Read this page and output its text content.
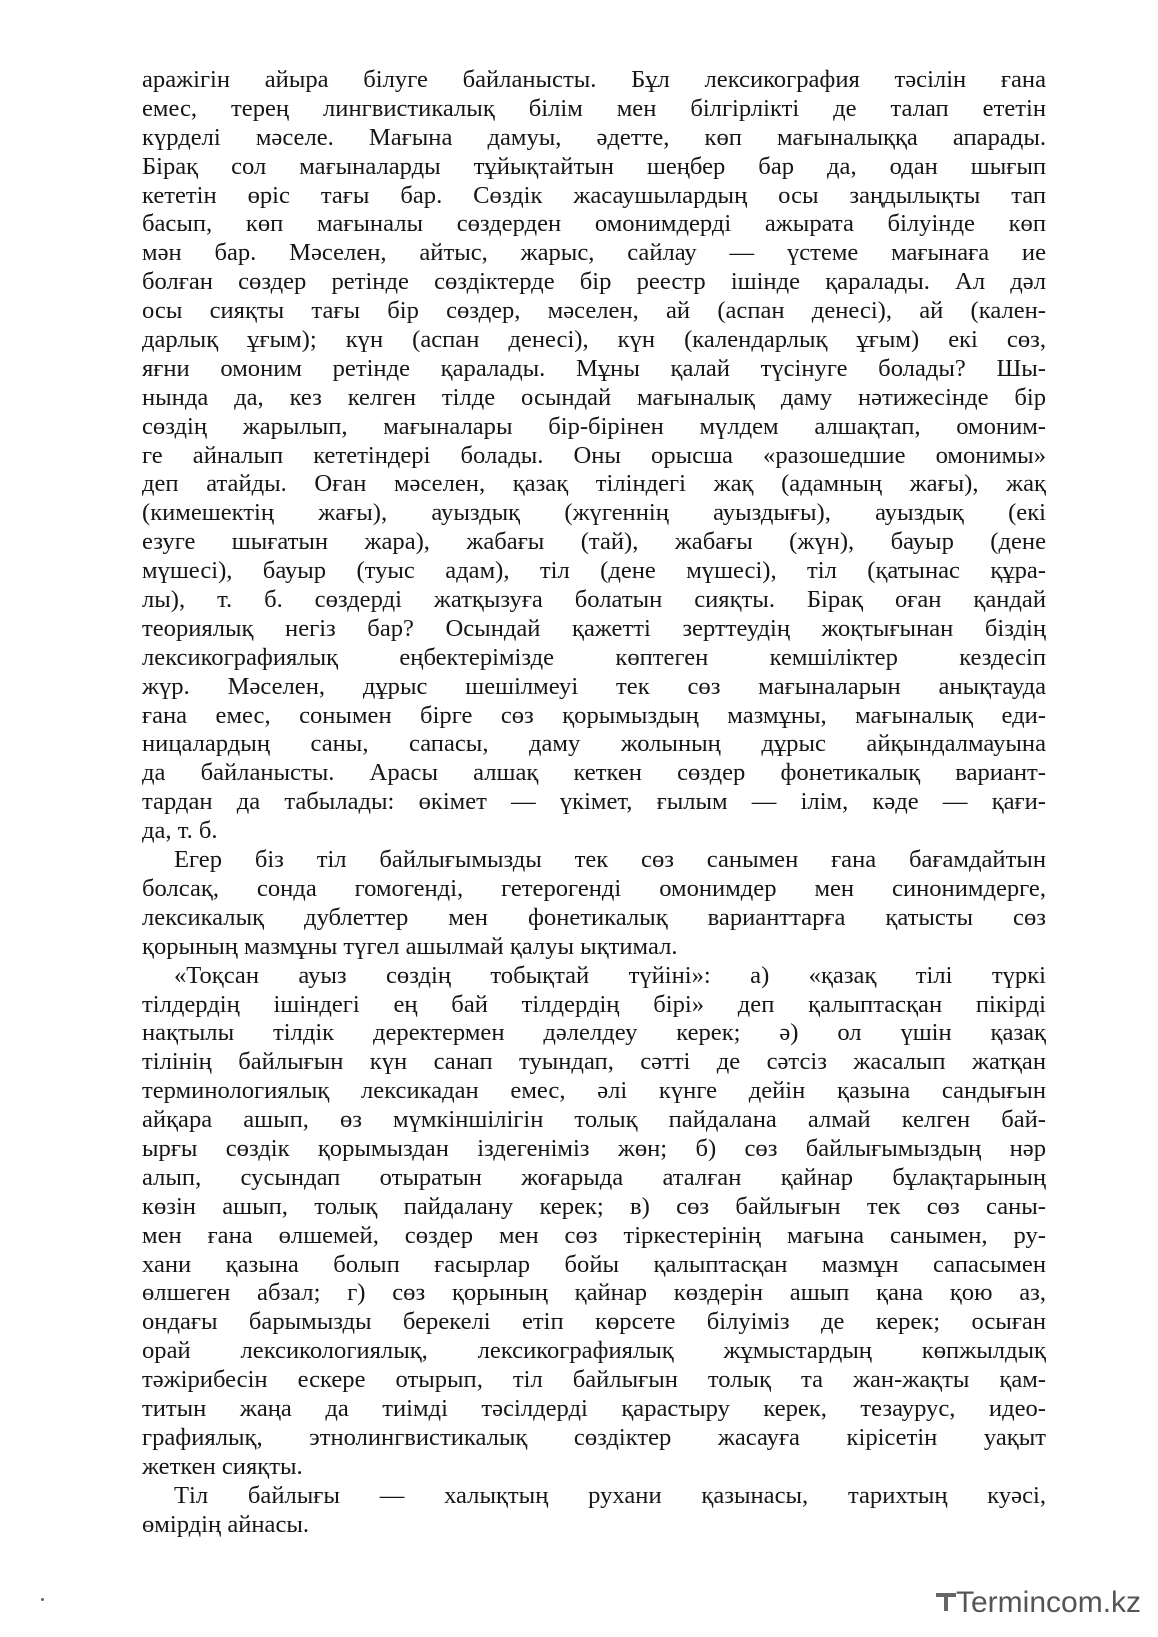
аражігін айыра білуге байланысты. Бұл лексикография тәсілін ғана
емес, терең лингвистикалық білім мен білгірлікті де талап ететін
күрделі мәселе. Мағына дамуы, әдетте, көп мағыналыққа апарады.
Бірақ сол мағыналарды тұйықтайтын шеңбер бар да, одан шығып
кететін өріс тағы бар. Сөздік жасаушылардың осы заңдылықты тап
басып, көп мағыналы сөздерден омонимдерді ажырата білуінде көп
мән бар. Мәселен, айтыс, жарыс, сайлау — үстеме мағынаға ие
болған сөздер ретінде сөздіктерде бір реестр ішінде қаралады. Ал дәл
осы сияқты тағы бір сөздер, мәселен, ай (аспан денесі), ай (кален-
дарлық ұғым); күн (аспан денесі), күн (календарлық ұғым) екі сөз,
яғни омоним ретінде қаралады. Мұны қалай түсінуге болады? Шы-
нында да, кез келген тілде осындай мағыналық даму нәтижесінде бір
сөздің жарылып, мағыналары бір-бірінен мүлдем алшақтап, омоним-
ге айналып кететіндері болады. Оны орысша «разошедшие омонимы»
деп атайды. Оған мәселен, қазақ тіліндегі жақ (адамның жағы), жақ
(кимешектің жағы), ауыздық (жүгеннің ауыздығы), ауыздық (екі
езуге шығатын жара), жабағы (тай), жабағы (жүн), бауыр (дене
мүшесі), бауыр (туыс адам), тіл (дене мүшесі), тіл (қатынас құра-
лы), т. б. сөздерді жатқызуға болатын сияқты. Бірақ оған қандай
теориялық негіз бар? Осындай қажетті зерттеудің жоқтығынан біздің
лексикографиялық еңбектерімізде көптеген кемшіліктер кездесіп
жүр. Мәселен, дұрыс шешілмеуі тек сөз мағыналарын анықтауда
ғана емес, сонымен бірге сөз қорымыздың мазмұны, мағыналық еди-
ницалардың саны, сапасы, даму жолының дұрыс айқындалмауына
да байланысты. Арасы алшақ кеткен сөздер фонетикалық вариант-
тардан да табылады: өкімет — үкімет, ғылым — ілім, кәде — қағи-
да, т. б.
Егер біз тіл байлығымызды тек сөз санымен ғана бағамдайтын
болсақ, сонда гомогенді, гетерогенді омонимдер мен синонимдерге,
лексикалық дублеттер мен фонетикалық варианттарға қатысты сөз
қорының мазмұны түгел ашылмай қалуы ықтимал.
«Тоқсан ауыз сөздің тобықтай түйіні»: а) «қазақ тілі түркі
тілдердің ішіндегі ең бай тілдердің бірі» деп қалыптасқан пікірді
нақтылы тілдік деректермен дәлелдеу керек; ә) ол үшін қазақ
тілінің байлығын күн санап туындап, сәтті де сәтсіз жасалып жатқан
терминологиялық лексикадан емес, әлі күнге дейін қазына сандығын
айқара ашып, өз мүмкіншілігін толық пайдалана алмай келген бай-
ырғы сөздік қорымыздан іздегеніміз жөн; б) сөз байлығымыздың нәр
алып, сусындап отыратын жоғарыда аталған қайнар бұлақтарының
көзін ашып, толық пайдалану керек; в) сөз байлығын тек сөз саны-
мен ғана өлшемей, сөздер мен сөз тіркестерінің мағына санымен, ру-
хани қазына болып ғасырлар бойы қалыптасқан мазмұн сапасымен
өлшеген абзал; г) сөз қорының қайнар көздерін ашып қана қою аз,
ондағы барымызды берекелі етіп көрсете білуіміз де керек; осыған
орай лексикологиялық, лексикографиялық жұмыстардың көпжылдық
тәжірибесін ескере отырып, тіл байлығын толық та жан-жақты қам-
титын жаңа да тиімді тәсілдерді қарастыру керек, тезаурус, идео-
графиялық, этнолингвистикалық сөздіктер жасауға кірісетін уақыт
жеткен сияқты.
Тіл байлығы — халықтың рухани қазынасы, тарихтың куәсі,
өмірдің айнасы.
Termincom.kz
